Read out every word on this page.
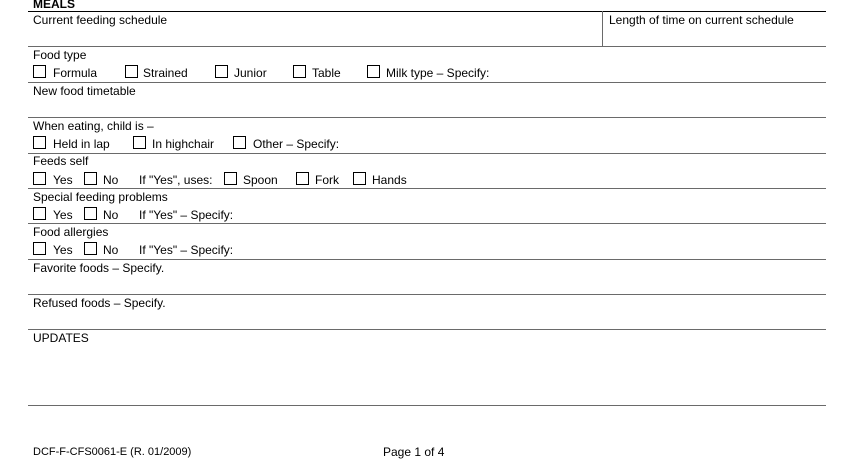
MEALS
Current feeding schedule	Length of time on current schedule
Food type
Formula	Strained	Junior	Table	Milk type – Specify:
New food timetable
When eating, child is –
Held in lap	In highchair	Other – Specify:
Feeds self
Yes	No If "Yes", uses:	Spoon	Fork	Hands
Special feeding problems
Yes	No If "Yes" – Specify:
Food allergies
Yes	No If "Yes" – Specify:
Favorite foods – Specify.
Refused foods – Specify.
UPDATES
DCF-F-CFS0061-E (R. 01/2009)	Page 1 of 4
